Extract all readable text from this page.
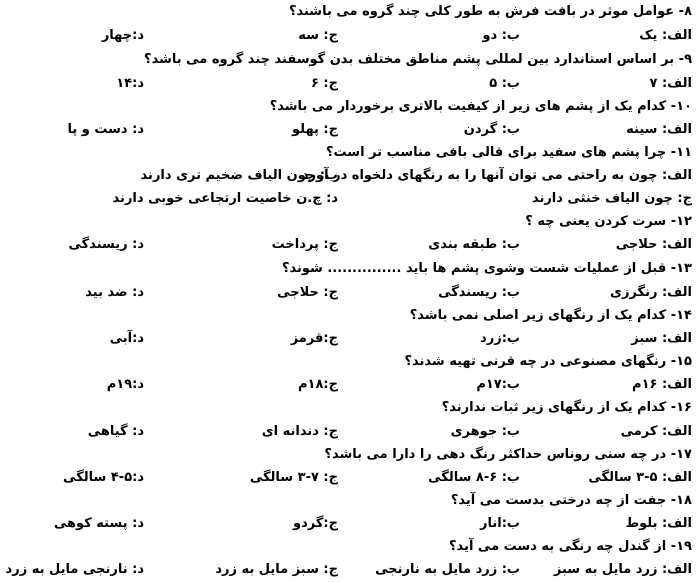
۸- عوامل موثر در بافت فرش به طور کلی چند گروه می باشند؟
الف: یک
ب: دو
ج: سه
د:چهار
۹- بر اساس استاندارد بین لمللی پشم مناطق مختلف بدن گوسفند چند گروه می باشد؟
الف: ۷
ب: ۵
ج: ۶
د:۱۴
۱۰- کدام یک از پشم های زیر از کیفیت بالاتری برخوردار می باشد؟
الف: سینه
ب: گردن
ج: پهلو
د: دست و پا
۱۱- چرا پشم های سفید برای قالی بافی مناسب تر است؟
الف: چون به راحتی می توان آنها را به رنگهای دلخواه در آورد
ب: چون الیاف ضخیم تری دارند
ج: چون الیاف خنثی دارند
د: چ.ن خاصیت ارتجاعی خوبی دارند
۱۲- سرت کردن یعنی چه ؟
الف: حلاجی
ب: طبقه بندی
ج: پرداخت
د: ریسندگی
۱۳- قبل از عملیات شست وشوی پشم ها باید ............... شوند؟
الف: رنگرزی
ب: ریسندگی
ج: حلاجی
د: ضد بید
۱۴- کدام یک از رنگهای زیر اصلی نمی باشد؟
الف: سبز
ب:زرد
ج:قرمز
د:آبی
۱۵- رنگهای مصنوعی در چه قرنی تهیه شدند؟
الف: ۱۶م
ب:۱۷م
ج:۱۸م
د:۱۹م
۱۶- کدام یک از رنگهای زیر ثبات ندارند؟
الف: کرمی
ب: جوهری
ج: دندانه ای
د: گیاهی
۱۷- در چه سنی روناس حداکثر رنگ دهی را دارا می باشد؟
الف: ۵-۳ سالگی
ب: ۶-۸ سالگی
ج: ۷-۳ سالگی
د:۵-۴ سالگی
۱۸- جفت از چه درختی بدست می آید؟
الف: بلوط
ب:انار
ج:گردو
د: پسته کوهی
۱۹- از گندل چه رنگی به دست می آید؟
الف: زرد مایل به سبز
ب: زرد مایل به نارنجی
ج: سبز مایل به زرد
د: نارنجی مایل به زرد
